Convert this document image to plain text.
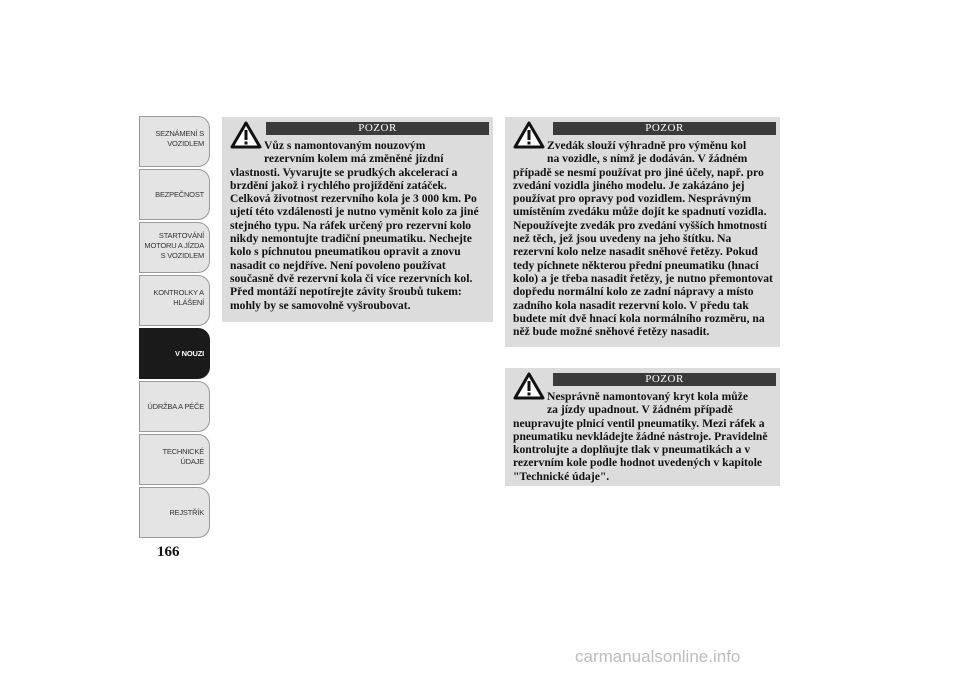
SEZNÁMENÍ S
VOZIDLEM
BEZPEČNOST
STARTOVÁNÍ
MOTORU A JÍZDA
S VOZIDLEM
KONTROLKY A
HLÁŠENÍ
V NOUZI
ÚDRŽBA A PÉČE
TECHNICKÉ
ÚDAJE
REJSTŘÍK
166
POZOR
Vůz s namontovaným nouzovým
rezervním kolem má změněné jízdní
vlastnosti. Vyvarujte se prudkých akcelerací a brzdění jakož i rychlého projíždění zatáček. Celková životnost rezervního kola je 3 000 km. Po ujetí této vzdálenosti je nutno vyměnit kolo za jiné stejného typu. Na ráfek určený pro rezervní kolo nikdy nemontujte tradiční pneumatiku. Nechejte kolo s píchnutou pneumatikou opravit a znovu nasadit co nejdříve. Není povoleno používat současně dvě rezervní kola či více rezervních kol. Před montáží nepotírejte závity šroubů tukem: mohly by se samovolně vyšroubovat.
POZOR
Zvedák slouží výhradně pro výměnu kol
na vozidle, s nímž je dodáván. V žádném
případě se nesmí používat pro jiné účely, např. pro zvedání vozidla jiného modelu. Je zakázáno jej používat pro opravy pod vozidlem. Nesprávným umístěním zvedáku může dojít ke spadnutí vozidla. Nepoužívejte zvedák pro zvedání vyšších hmotností než těch, jež jsou uvedeny na jeho štítku. Na rezervní kolo nelze nasadit sněhové řetězy. Pokud tedy píchnete některou přední pneumatiku (hnací kolo) a je třeba nasadit řetězy, je nutno přemontovat dopředu normální kolo ze zadní nápravy a místo zadního kola nasadit rezervní kolo. V předu tak budete mít dvě hnací kola normálního rozměru, na něž bude možné sněhové řetězy nasadit.
POZOR
Nesprávně namontovaný kryt kola může
za jízdy upadnout. V žádném případě
neupravujte plnicí ventil pneumatiky. Mezi ráfek a pneumatiku nevkládejte žádné nástroje. Pravidelně kontrolujte a doplňujte tlak v pneumatikách a v rezervním kole podle hodnot uvedených v kapitole "Technické údaje".
carmanualsonline.info
